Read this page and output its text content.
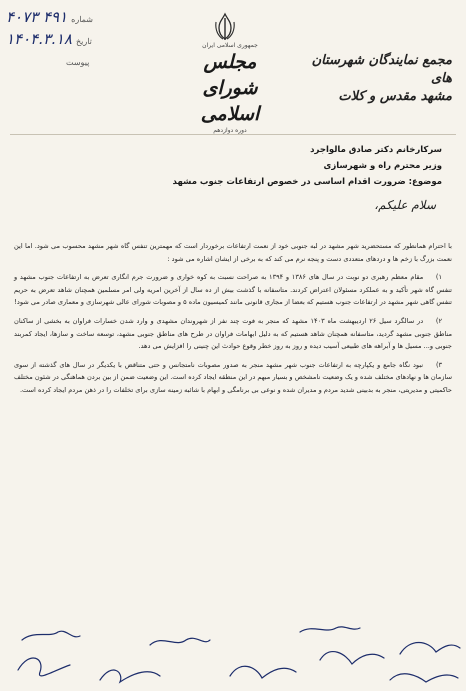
۴۰۷۳ ۴۹۱ شماره
۱۴۰۴.۳.۱۸ تاریخ
پیوست
جمهوری اسلامی ایران
مجلس شورای اسلامی
دوره دوازدهم
مجمع نمایندگان شهرستان های
مشهد مقدس و کلات
سرکارخانم دکتر صادق مالواجرد
وزیر محترم راه و شهرسازی
موضوع: ضرورت اقدام اساسی در خصوص ارتفاعات جنوب مشهد
سلام علیکم،

با احترام همانطور که مستحضرید شهر مشهد در لبه جنوبی خود از نعمت ارتفاعات برخوردار است که مهمترین تنفس گاه شهر مشهد محسوب می شود. اما این نعمت بزرگ با زخم ها و دردهای متعددی دست و پنجه نرم می کند که به برخی از ایشان اشاره می شود :

۱) مقام معظم رهبری دو نوبت در سال های ۱۳۸۶ و ۱۳۹۴ به صراحت نسبت به کوه خواری و ضرورت جرم انگاری تعرض به ارتفاعات جنوب مشهد و تنفس گاه شهر تأکید و به عملکرد مسئولان اعتراض کردند. متاسفانه با گذشت بیش از ده سال از آخرین امریه ولی امر مسلمین همچنان شاهد تعرض به حریم تنفس گاهی شهر مشهد در ارتفاعات جنوب هستیم که بعضا از مجاری قانونی مانند کمیسیون ماده ۵ و مصوبات شورای عالی شهرسازی و معماری صادر می شود!

۲) در سالگرد سیل ۲۶ اردیبهشت ماه ۱۴۰۳ مشهد که منجر به فوت چند نفر از شهروندان مشهدی و وارد شدن خسارات فراوان به بخشی از ساکنان مناطق جنوبی مشهد گردید، متاسفانه همچنان شاهد هستیم که به دلیل ابهامات فراوان در طرح های مناطق جنوبی مشهد، توسعه ساخت و سازها، ایجاد کمربند جنوبی و... مسیل ها و آبراهه های طبیعی آسیب دیده و روز به روز خطر وقوع حوادث این چنینی را افزایش می دهد.

۳) نبود نگاه جامع و یکپارچه به ارتفاعات جنوب شهر مشهد منجر به صدور مصوبات نامتجانس و حتی متناقض با یکدیگر در سال های گذشته از سوی سازمان ها و نهادهای مختلف شده و یک وضعیت نامشخص و بسیار مبهم در این منطقه ایجاد کرده است. این وضعیت ضمن از بین بردن هماهنگی در شئون مختلف حاکمیتی و مدیریتی، منجر به بدبینی شدید مردم و مدیران شده و نوعی بی برنامگی و ابهام با شائبه زمینه سازی برای تخلفات را در ذهن مردم ایجاد کرده است.
